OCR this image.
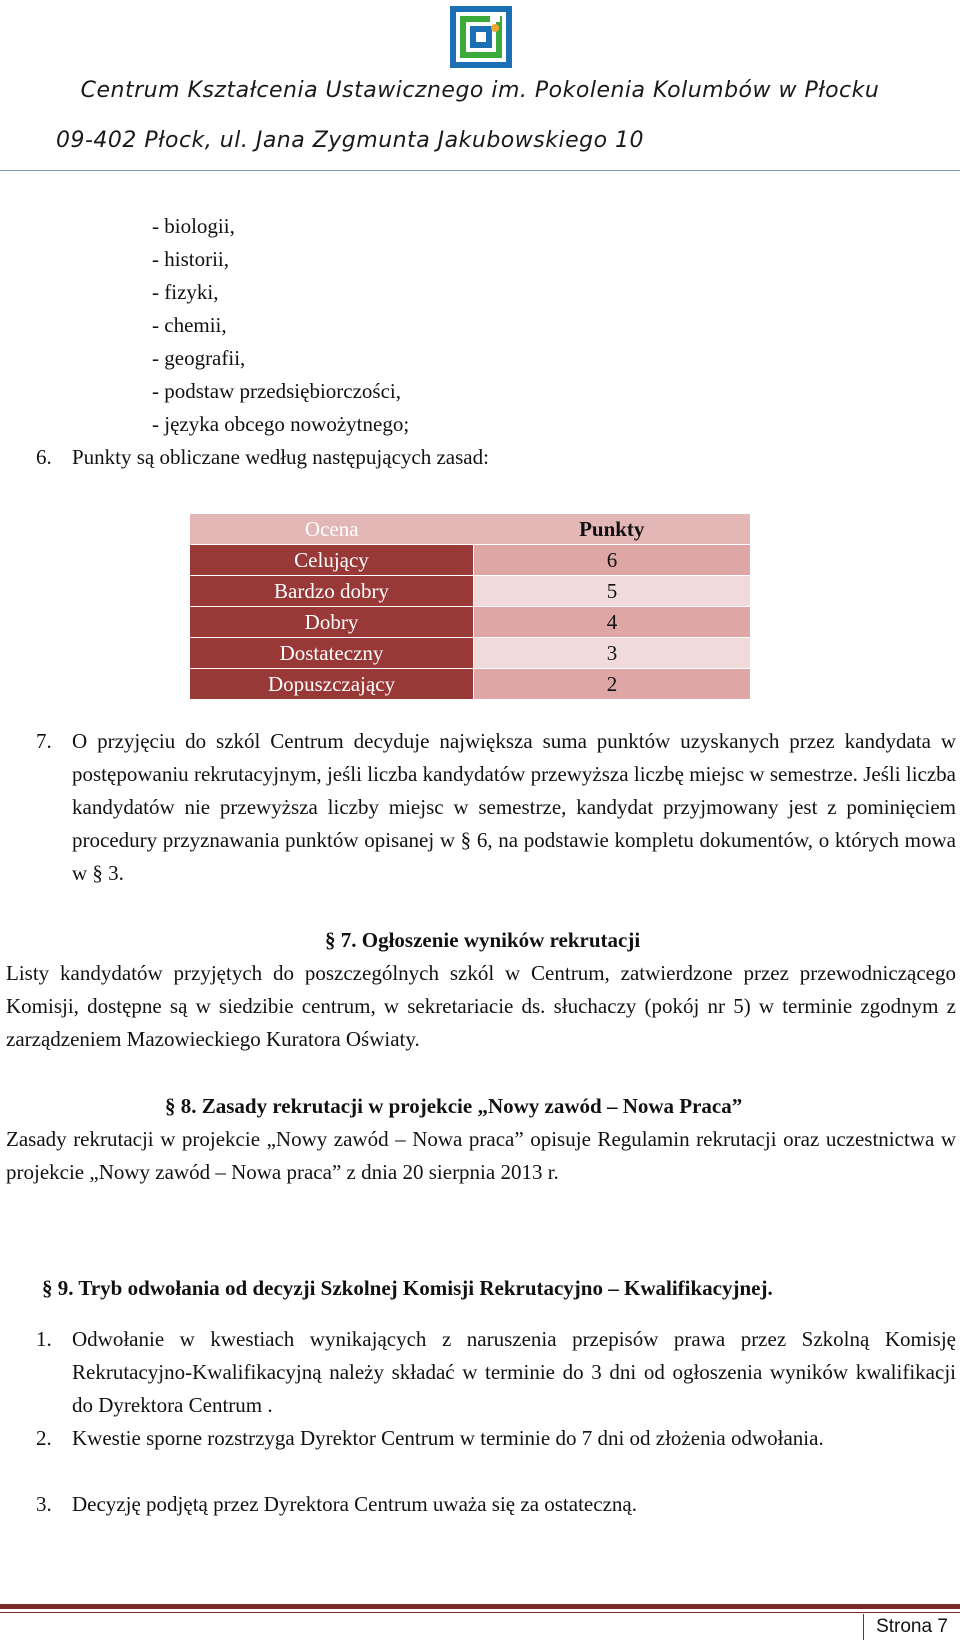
Centrum Kształcenia Ustawicznego im. Pokolenia Kolumbów w Płocku
09-402 Płock, ul. Jana Zygmunta Jakubowskiego 10
- biologii,
- historii,
- fizyki,
- chemii,
- geografii,
- podstaw przedsiębiorczości,
- języka obcego nowożytnego;
6. Punkty są obliczane według następujących zasad:
Ocena	Punkty
Celujący	6
Bardzo dobry	5
Dobry	4
Dostateczny	3
Dopuszczający	2
7. O przyjęciu do szkól Centrum decyduje największa suma punktów uzyskanych przez kandydata w postępowaniu rekrutacyjnym, jeśli liczba kandydatów przewyższa liczbę miejsc w semestrze. Jeśli liczba kandydatów nie przewyższa liczby miejsc w semestrze, kandydat przyjmowany jest z pominięciem procedury przyznawania punktów opisanej w § 6, na podstawie kompletu dokumentów, o których mowa w § 3.
§ 7. Ogłoszenie wyników rekrutacji
Listy kandydatów przyjętych do poszczególnych szkól w Centrum, zatwierdzone przez przewodniczącego Komisji, dostępne są w siedzibie centrum, w sekretariacie ds. słuchaczy (pokój nr 5) w terminie zgodnym z zarządzeniem Mazowieckiego Kuratora Oświaty.
§ 8. Zasady rekrutacji w projekcie „Nowy zawód – Nowa Praca”
Zasady rekrutacji w projekcie „Nowy zawód – Nowa praca” opisuje Regulamin rekrutacji oraz uczestnictwa w projekcie „Nowy zawód – Nowa praca” z dnia 20 sierpnia 2013 r.
§ 9. Tryb odwołania od decyzji Szkolnej Komisji Rekrutacyjno – Kwalifikacyjnej.
1. Odwołanie w kwestiach wynikających z naruszenia przepisów prawa przez Szkolną Komisję Rekrutacyjno-Kwalifikacyjną należy składać w terminie do 3 dni od ogłoszenia wyników kwalifikacji do Dyrektora Centrum .
2. Kwestie sporne rozstrzyga Dyrektor Centrum w terminie do 7 dni od złożenia odwołania.
3. Decyzję podjętą przez Dyrektora Centrum uważa się za ostateczną.
Strona 7
